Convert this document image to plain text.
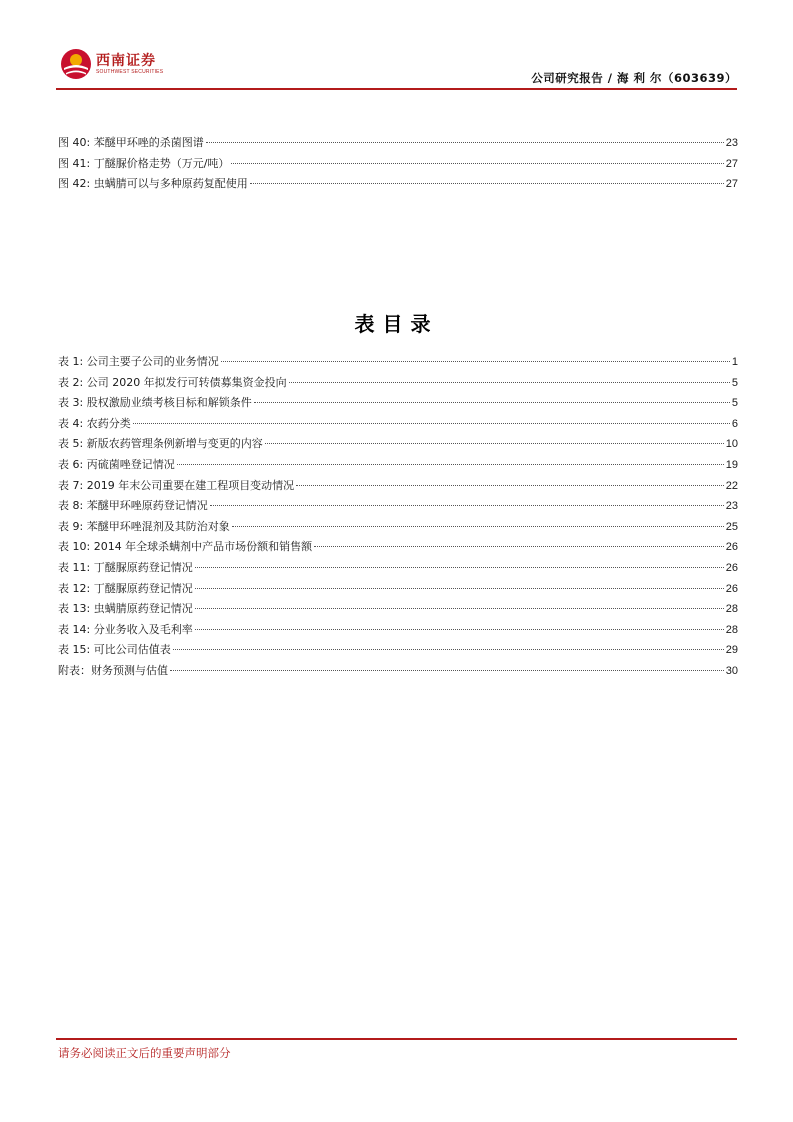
西南证券
SOUTHWEST SECURITIES	公司研究报告 / 海 利 尔（603639）
图 40: 苯醚甲环唑的杀菌图谱	23
图 41: 丁醚脲价格走势（万元/吨）	27
图 42: 虫螨腈可以与多种原药复配使用	27
表目录
表 1: 公司主要子公司的业务情况	1
表 2: 公司 2020 年拟发行可转债募集资金投向	5
表 3: 股权激励业绩考核目标和解锁条件	5
表 4: 农药分类	6
表 5: 新版农药管理条例新增与变更的内容	10
表 6: 丙硫菌唑登记情况	19
表 7: 2019 年末公司重要在建工程项目变动情况	22
表 8: 苯醚甲环唑原药登记情况	23
表 9: 苯醚甲环唑混剂及其防治对象	25
表 10: 2014 年全球杀螨剂中产品市场份额和销售额	26
表 11: 丁醚脲原药登记情况	26
表 12: 丁醚脲原药登记情况	26
表 13: 虫螨腈原药登记情况	28
表 14: 分业务收入及毛利率	28
表 15: 可比公司估值表	29
附表：财务预测与估值	30
请务必阅读正文后的重要声明部分
